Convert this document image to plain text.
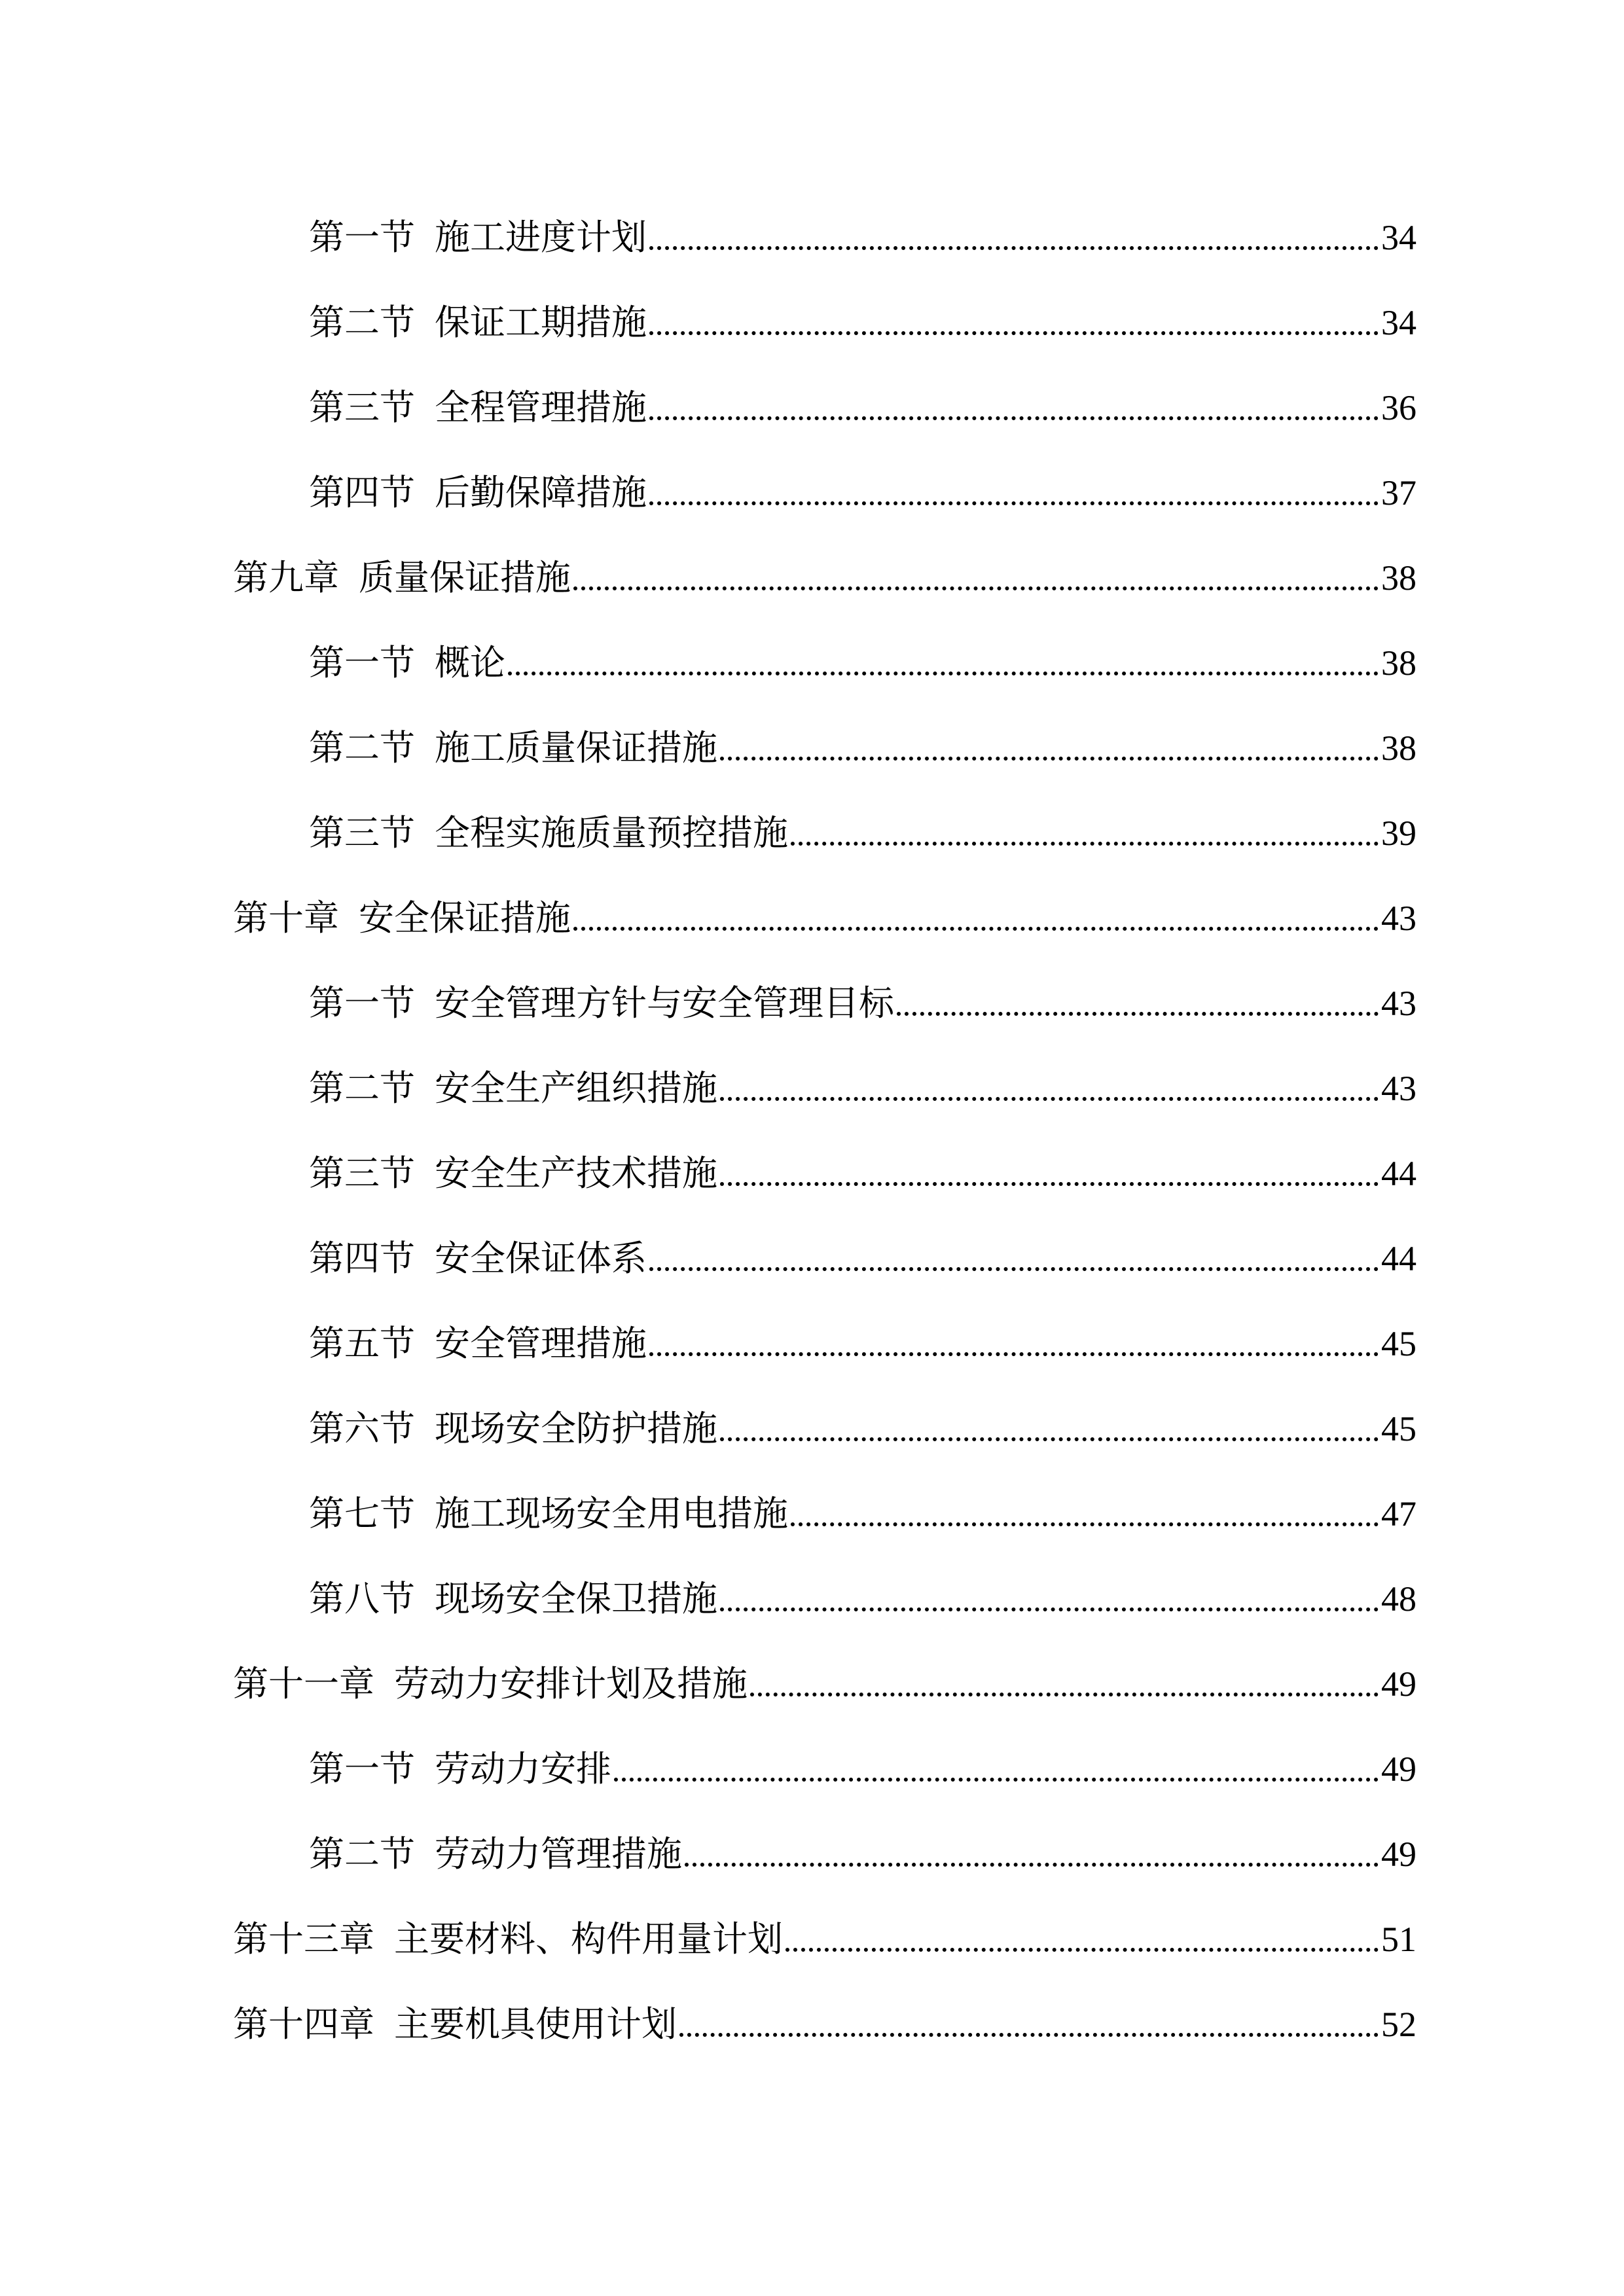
第一节 施工进度计划	34
第二节 保证工期措施	34
第三节 全程管理措施	36
第四节 后勤保障措施	37
第九章 质量保证措施	38
第一节 概论	38
第二节 施工质量保证措施	38
第三节 全程实施质量预控措施	39
第十章 安全保证措施	43
第一节 安全管理方针与安全管理目标	43
第二节 安全生产组织措施	43
第三节 安全生产技术措施	44
第四节 安全保证体系	44
第五节 安全管理措施	45
第六节 现场安全防护措施	45
第七节 施工现场安全用电措施	47
第八节 现场安全保卫措施	48
第十一章 劳动力安排计划及措施	49
第一节 劳动力安排	49
第二节 劳动力管理措施	49
第十三章 主要材料、构件用量计划	51
第十四章 主要机具使用计划	52
